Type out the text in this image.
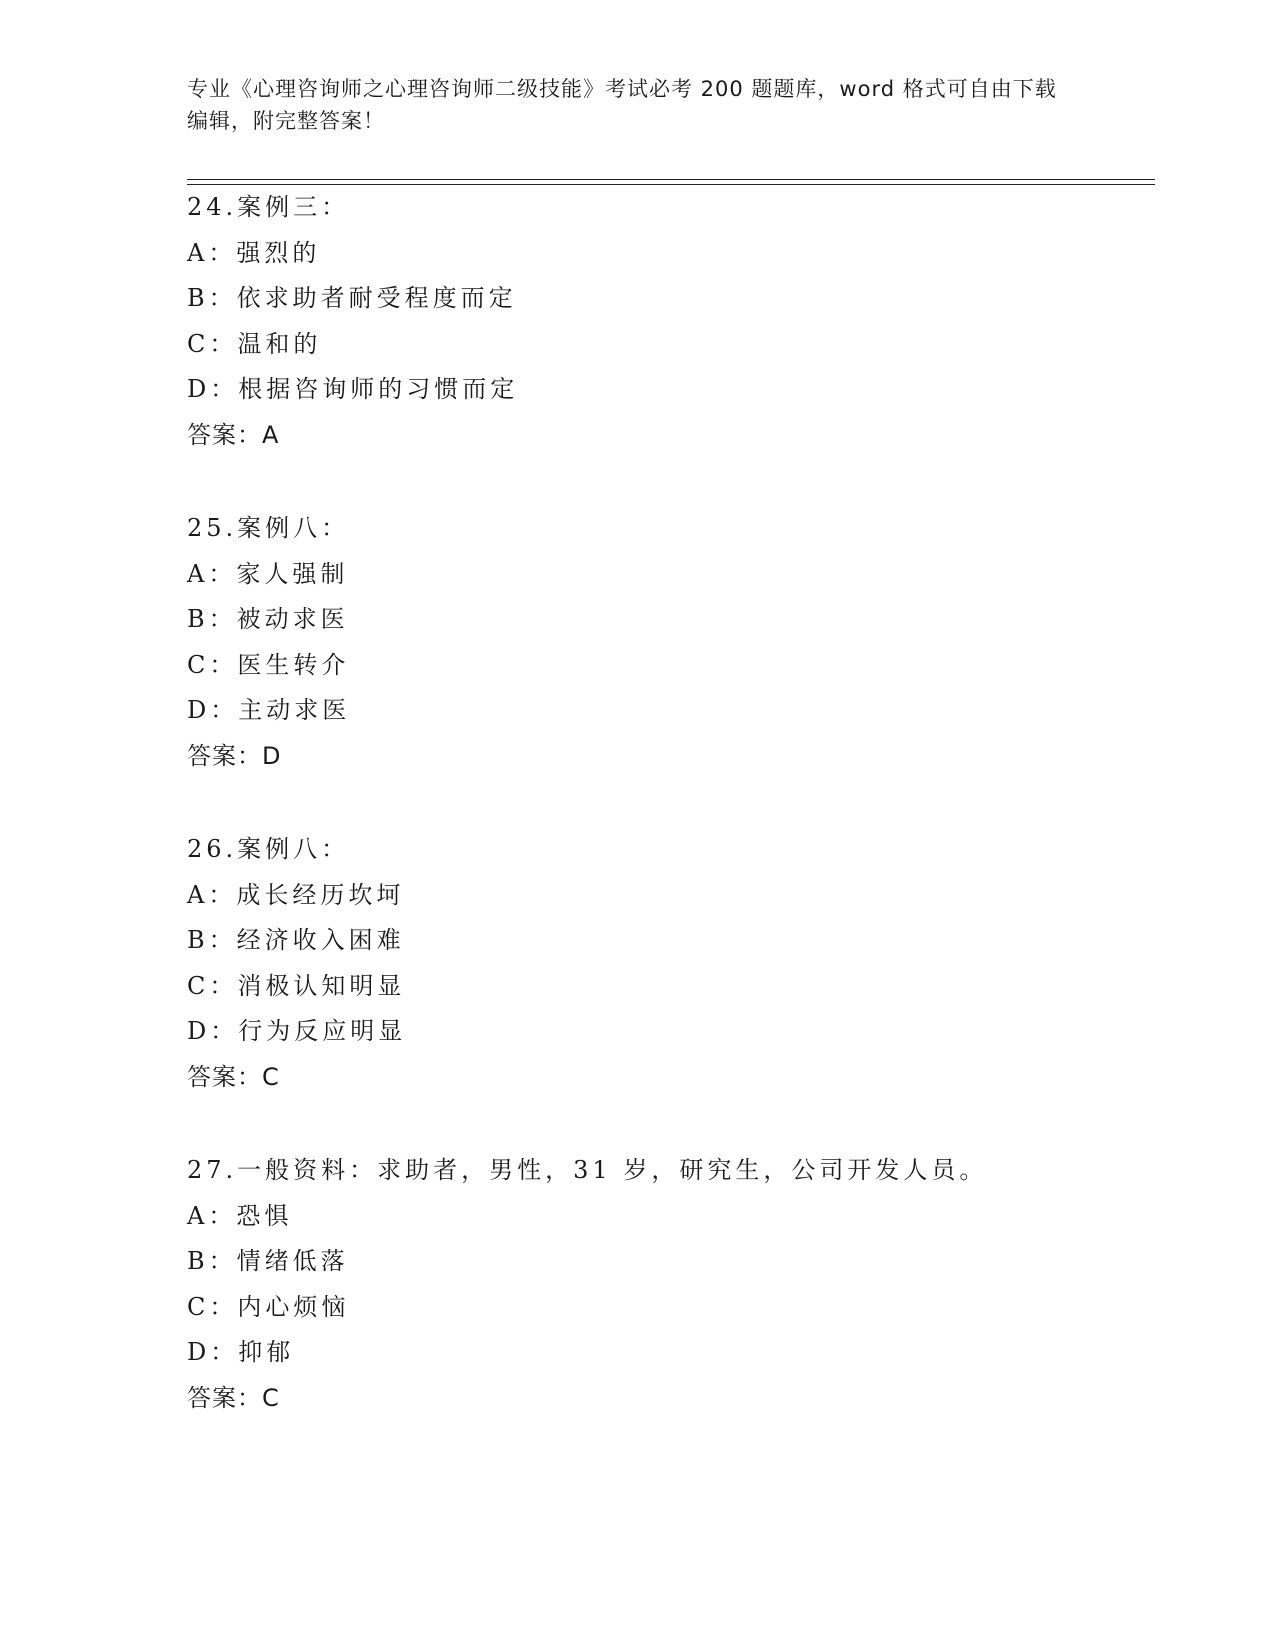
专业《心理咨询师之心理咨询师二级技能》考试必考 200 题题库，word 格式可自由下载编辑，附完整答案！
24.案例三：
A：强烈的
B：依求助者耐受程度而定
C：温和的
D：根据咨询师的习惯而定
答案：A
25.案例八：
A：家人强制
B：被动求医
C：医生转介
D：主动求医
答案：D
26.案例八：
A：成长经历坎坷
B：经济收入困难
C：消极认知明显
D：行为反应明显
答案：C
27.一般资料：求助者，男性，31 岁，研究生，公司开发人员。
A：恐惧
B：情绪低落
C：内心烦恼
D：抑郁
答案：C
